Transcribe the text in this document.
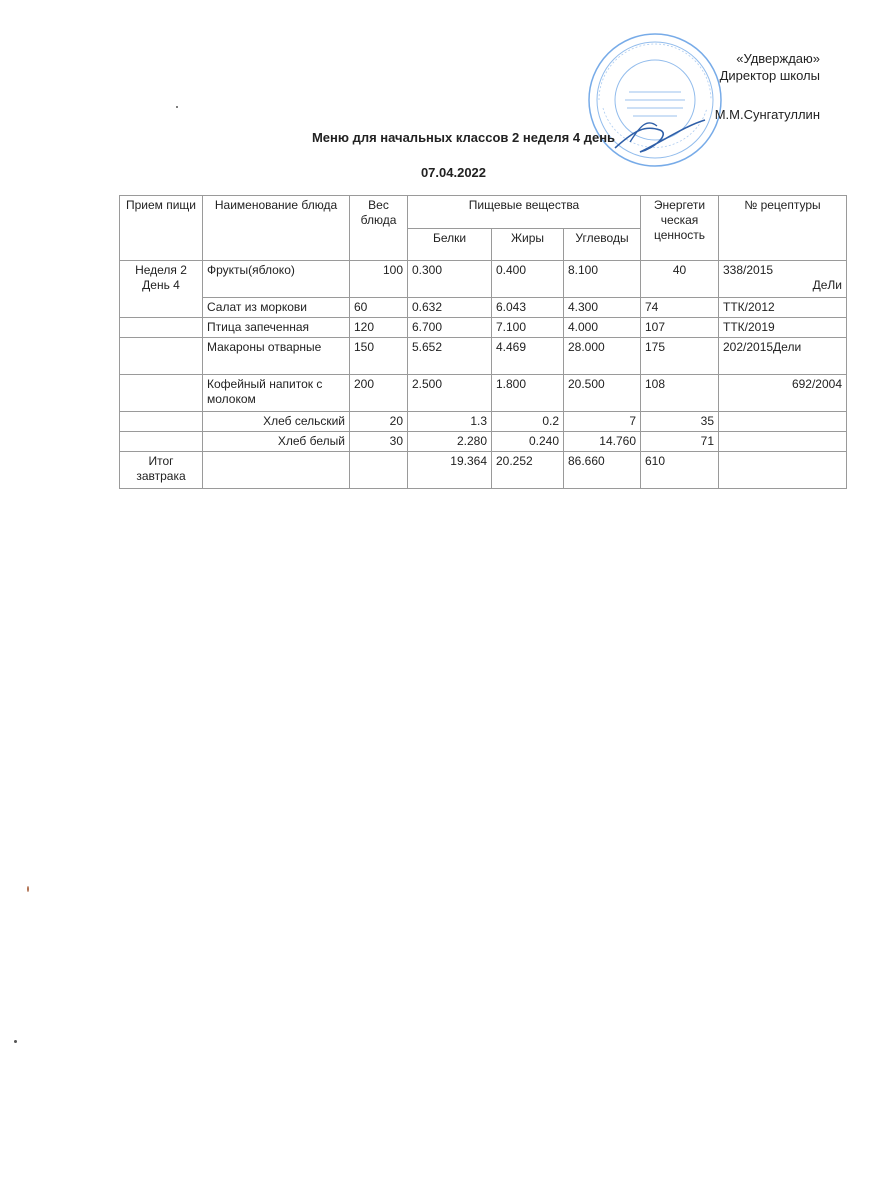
«Удверждаю»
Директор школы
М.М.Сунгатуллин
Меню для начальных классов 2 неделя 4 день
07.04.2022
Прием пищи	Наименование блюда	Вес блюда	Пищевые вещества			Энергети ческая ценность	№ рецептуры
			Белки	Жиры	Углеводы		
Неделя 2 День 4	Фрукты(яблоко)	100	0.300	0.400	8.100	40	338/2015
ДеЛи

	Салат из моркови	60	0.632	6.043	4.300	74	ТТК/2012
	Птица запеченная	120	6.700	7.100	4.000	107	ТТК/2019
	Макароны отварные	150	5.652	4.469	28.000	175	202/2015Дели
	Кофейный напиток с молоком	200	2.500	1.800	20.500	108	692/2004
	Хлеб сельский	20	1.3	0.2	7	35	
	Хлеб белый	30	2.280	0.240	14.760	71	
Итог завтрака			19.364	20.252	86.660	610	
